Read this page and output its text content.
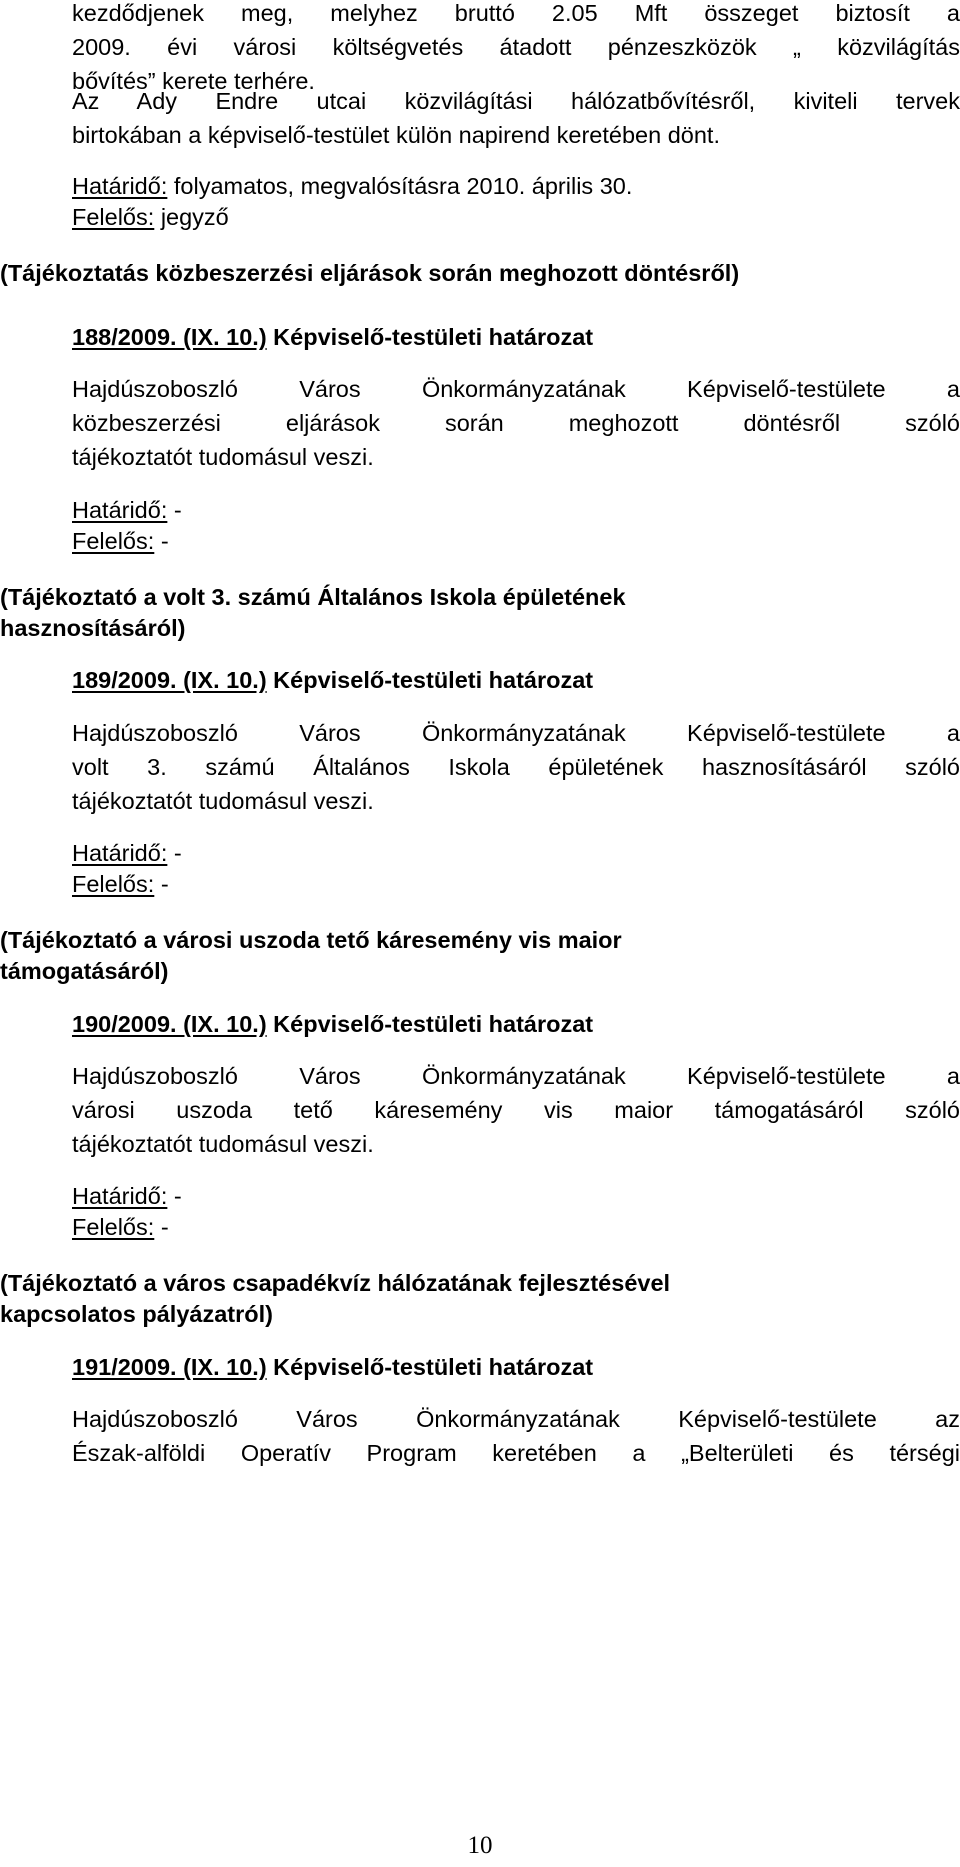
kezdődjenek meg, melyhez bruttó 2.05 Mft összeget biztosít a
2009. évi városi költségvetés átadott pénzeszközök „ közvilágítás
bővítés” kerete terhére.
Az Ady Endre utcai közvilágítási hálózatbővítésről, kiviteli tervek
birtokában a képviselő-testület külön napirend keretében dönt.
Határidő: folyamatos, megvalósításra 2010. április 30.
Felelős: jegyző
(Tájékoztatás közbeszerzési eljárások során meghozott döntésről)
188/2009. (IX. 10.) Képviselő-testületi határozat
Hajdúszoboszló Város Önkormányzatának Képviselő-testülete a
közbeszerzési eljárások során meghozott döntésről szóló
tájékoztatót tudomásul veszi.
Határidő: -
Felelős: -
(Tájékoztató a volt 3. számú Általános Iskola épületének
hasznosításáról)
189/2009. (IX. 10.) Képviselő-testületi határozat
Hajdúszoboszló Város Önkormányzatának Képviselő-testülete a
volt 3. számú Általános Iskola épületének hasznosításáról szóló
tájékoztatót tudomásul veszi.
Határidő: -
Felelős: -
(Tájékoztató a városi uszoda tető káresemény vis maior
támogatásáról)
190/2009. (IX. 10.) Képviselő-testületi határozat
Hajdúszoboszló Város Önkormányzatának Képviselő-testülete a
városi uszoda tető káresemény vis maior támogatásáról szóló
tájékoztatót tudomásul veszi.
Határidő: -
Felelős: -
(Tájékoztató a város csapadékvíz hálózatának fejlesztésével
kapcsolatos pályázatról)
191/2009. (IX. 10.) Képviselő-testületi határozat
Hajdúszoboszló Város Önkormányzatának Képviselő-testülete az
Észak-alföldi Operatív Program keretében a „Belterületi és térségi
10
